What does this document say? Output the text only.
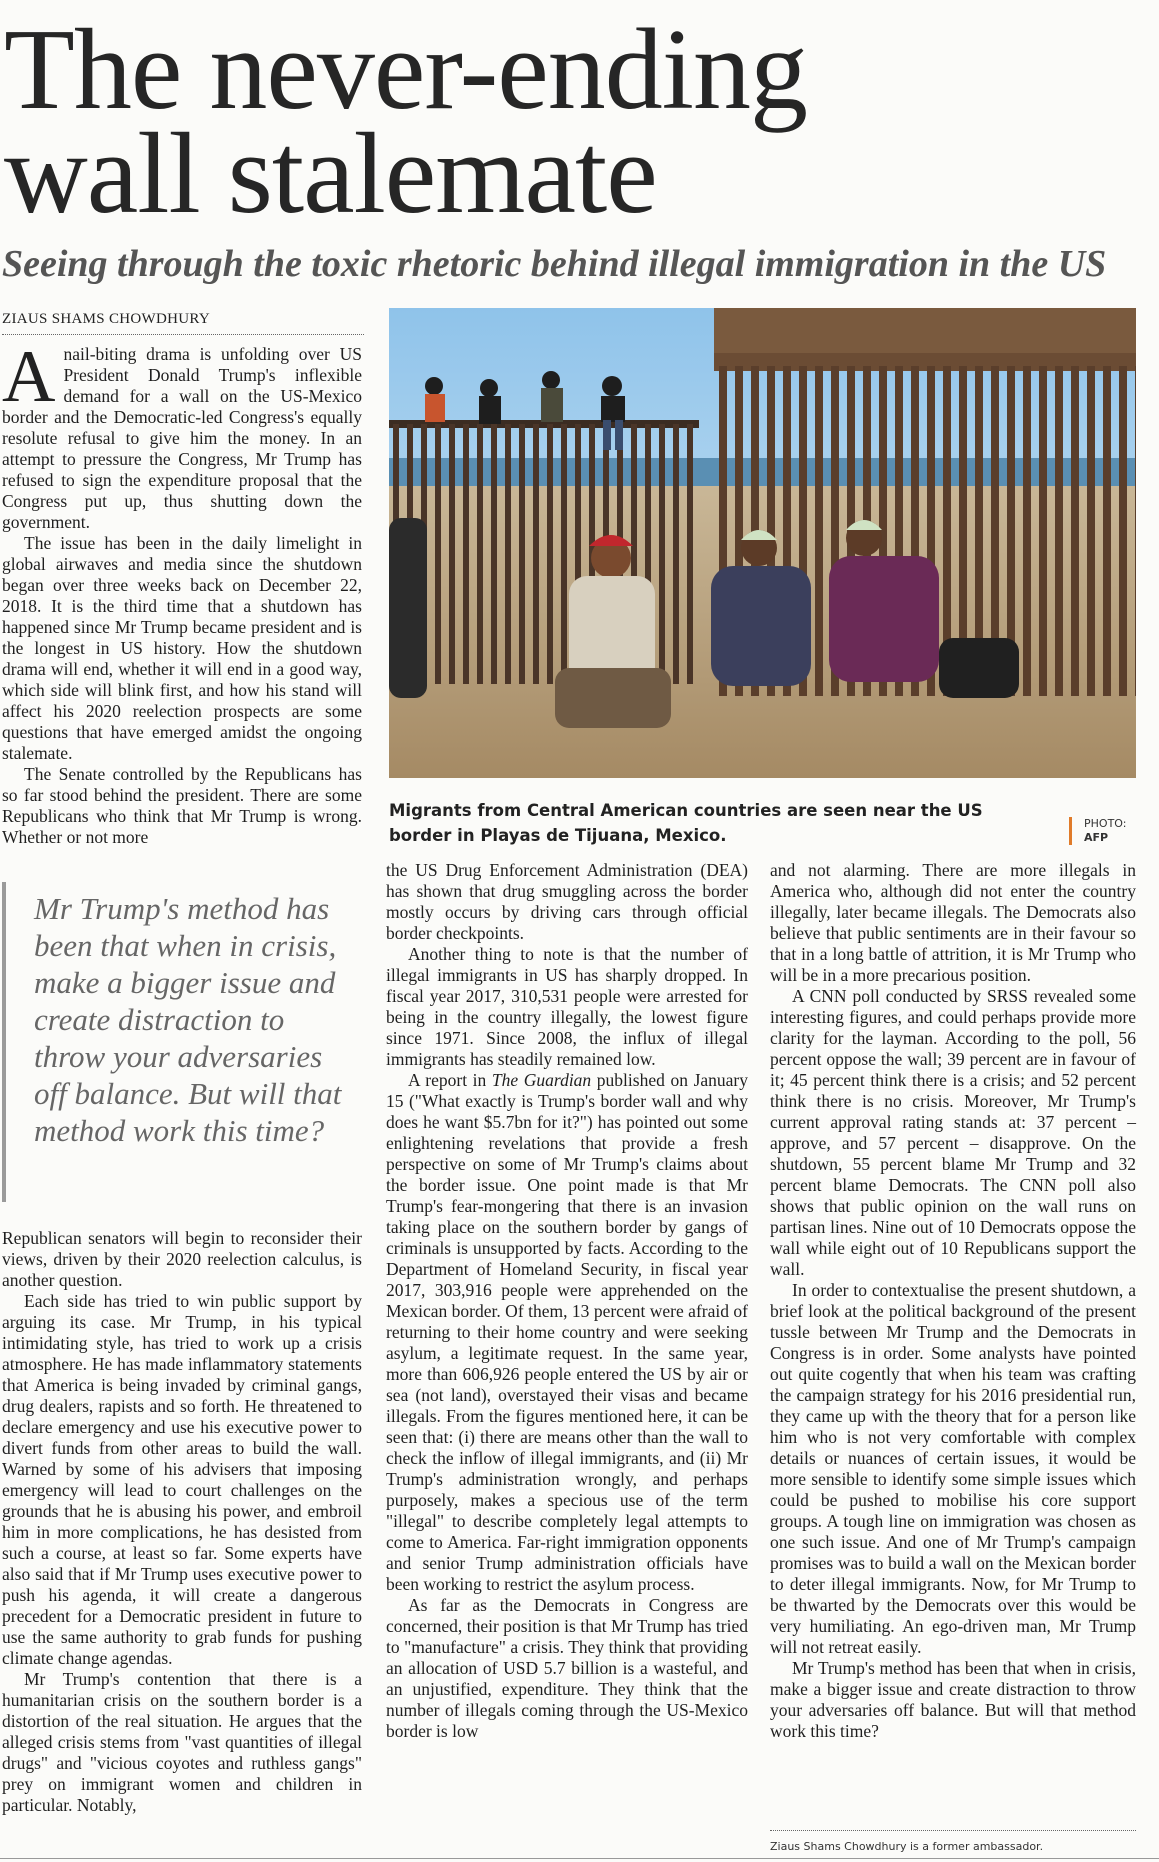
The never-ending
wall stalemate
Seeing through the toxic rhetoric behind illegal immigration in the US
ZIAUS SHAMS CHOWDHURY
Migrants from Central American countries are seen near the US border in Playas de Tijuana, Mexico.
PHOTO:
AFP

Anail-biting drama is unfolding over US President Donald Trump's inflexible demand for a wall on the US-Mexico border and the Democratic-led Congress's equally resolute refusal to give him the money. In an attempt to pressure the Congress, Mr Trump has refused to sign the expenditure proposal that the Congress put up, thus shutting down the government.

The issue has been in the daily limelight in global airwaves and media since the shutdown began over three weeks back on December 22, 2018. It is the third time that a shutdown has happened since Mr Trump became president and is the longest in US history. How the shutdown drama will end, whether it will end in a good way, which side will blink first, and how his stand will affect his 2020 reelection prospects are some questions that have emerged amidst the ongoing stalemate.

The Senate controlled by the Republicans has so far stood behind the president. There are some Republicans who think that Mr Trump is wrong. Whether or not more

Mr Trump's method has been that when in crisis, make a bigger issue and create distraction to throw your adversaries off balance. But will that method work this time?

Republican senators will begin to reconsider their views, driven by their 2020 reelection calculus, is another question.

Each side has tried to win public support by arguing its case. Mr Trump, in his typical intimidating style, has tried to work up a crisis atmosphere. He has made inflammatory statements that America is being invaded by criminal gangs, drug dealers, rapists and so forth. He threatened to declare emergency and use his executive power to divert funds from other areas to build the wall. Warned by some of his advisers that imposing emergency will lead to court challenges on the grounds that he is abusing his power, and embroil him in more complications, he has desisted from such a course, at least so far. Some experts have also said that if Mr Trump uses executive power to push his agenda, it will create a dangerous precedent for a Democratic president in future to use the same authority to grab funds for pushing climate change agendas.

Mr Trump's contention that there is a humanitarian crisis on the southern border is a distortion of the real situation. He argues that the alleged crisis stems from "vast quantities of illegal drugs" and "vicious coyotes and ruthless gangs" prey on immigrant women and children in particular. Notably,

the US Drug Enforcement Administration (DEA) has shown that drug smuggling across the border mostly occurs by driving cars through official border checkpoints.

Another thing to note is that the number of illegal immigrants in US has sharply dropped. In fiscal year 2017, 310,531 people were arrested for being in the country illegally, the lowest figure since 1971. Since 2008, the influx of illegal immigrants has steadily remained low.

A report in The Guardian published on January 15 ("What exactly is Trump's border wall and why does he want $5.7bn for it?") has pointed out some enlightening revelations that provide a fresh perspective on some of Mr Trump's claims about the border issue. One point made is that Mr Trump's fear-mongering that there is an invasion taking place on the southern border by gangs of criminals is unsupported by facts. According to the Department of Homeland Security, in fiscal year 2017, 303,916 people were apprehended on the Mexican border. Of them, 13 percent were afraid of returning to their home country and were seeking asylum, a legitimate request. In the same year, more than 606,926 people entered the US by air or sea (not land), overstayed their visas and became illegals. From the figures mentioned here, it can be seen that: (i) there are means other than the wall to check the inflow of illegal immigrants, and (ii) Mr Trump's administration wrongly, and perhaps purposely, makes a specious use of the term "illegal" to describe completely legal attempts to come to America. Far-right immigration opponents and senior Trump administration officials have been working to restrict the asylum process.

As far as the Democrats in Congress are concerned, their position is that Mr Trump has tried to "manufacture" a crisis. They think that providing an allocation of USD 5.7 billion is a wasteful, and an unjustified, expenditure. They think that the number of illegals coming through the US-Mexico border is low

and not alarming. There are more illegals in America who, although did not enter the country illegally, later became illegals. The Democrats also believe that public sentiments are in their favour so that in a long battle of attrition, it is Mr Trump who will be in a more precarious position.

A CNN poll conducted by SRSS revealed some interesting figures, and could perhaps provide more clarity for the layman. According to the poll, 56 percent oppose the wall; 39 percent are in favour of it; 45 percent think there is a crisis; and 52 percent think there is no crisis. Moreover, Mr Trump's current approval rating stands at: 37 percent – approve, and 57 percent – disapprove. On the shutdown, 55 percent blame Mr Trump and 32 percent blame Democrats. The CNN poll also shows that public opinion on the wall runs on partisan lines. Nine out of 10 Democrats oppose the wall while eight out of 10 Republicans support the wall.

In order to contextualise the present shutdown, a brief look at the political background of the present tussle between Mr Trump and the Democrats in Congress is in order. Some analysts have pointed out quite cogently that when his team was crafting the campaign strategy for his 2016 presidential run, they came up with the theory that for a person like him who is not very comfortable with complex details or nuances of certain issues, it would be more sensible to identify some simple issues which could be pushed to mobilise his core support groups. A tough line on immigration was chosen as one such issue. And one of Mr Trump's campaign promises was to build a wall on the Mexican border to deter illegal immigrants. Now, for Mr Trump to be thwarted by the Democrats over this would be very humiliating. An ego-driven man, Mr Trump will not retreat easily.

Mr Trump's method has been that when in crisis, make a bigger issue and create distraction to throw your adversaries off balance. But will that method work this time?

Ziaus Shams Chowdhury is a former ambassador.
